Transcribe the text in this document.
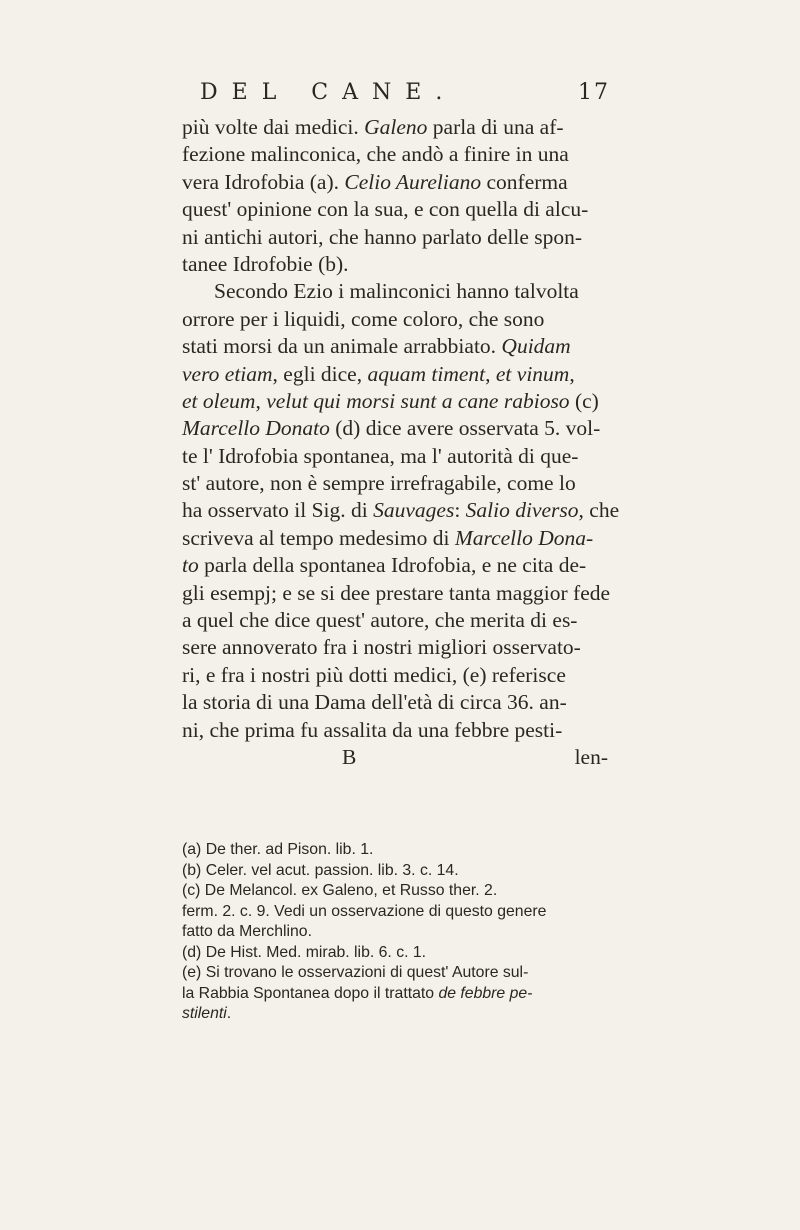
DEL CANE.	17
più volte dai medici. Galeno parla di una af-
fezione malinconica, che andò a finire in una
vera Idrofobia (a). Celio Aureliano conferma
quest' opinione con la sua, e con quella di alcu-
ni antichi autori, che hanno parlato delle spon-
tanee Idrofobie (b).
Secondo Ezio i malinconici hanno talvolta
orrore per i liquidi, come coloro, che sono
stati morsi da un animale arrabbiato. Quidam
vero etiam, egli dice, aquam timent, et vinum,
et oleum, velut qui morsi sunt a cane rabioso (c)
Marcello Donato (d) dice avere osservata 5. vol-
te l' Idrofobia spontanea, ma l' autorità di que-
st' autore, non è sempre irrefragabile, come lo
ha osservato il Sig. di Sauvages: Salio diverso, che
scriveva al tempo medesimo di Marcello Dona-
to parla della spontanea Idrofobia, e ne cita de-
gli esempj; e se si dee prestare tanta maggior fede
a quel che dice quest' autore, che merita di es-
sere annoverato fra i nostri migliori osservato-
ri, e fra i nostri più dotti medici, (e) referisce
la storia di una Dama dell'età di circa 36. an-
ni, che prima fu assalita da una febbre pesti-
B	len-
(a) De ther. ad Pison. lib. 1.
(b) Celer. vel acut. passion. lib. 3. c. 14.
(c) De Melancol. ex Galeno, et Russo ther. 2.
ferm. 2. c. 9. Vedi un osservazione di questo genere
fatto da Merchlino.
(d) De Hist. Med. mirab. lib. 6. c. 1.
(e) Si trovano le osservazioni di quest' Autore sul-
la Rabbia Spontanea dopo il trattato de febbre pe-
stilenti.
